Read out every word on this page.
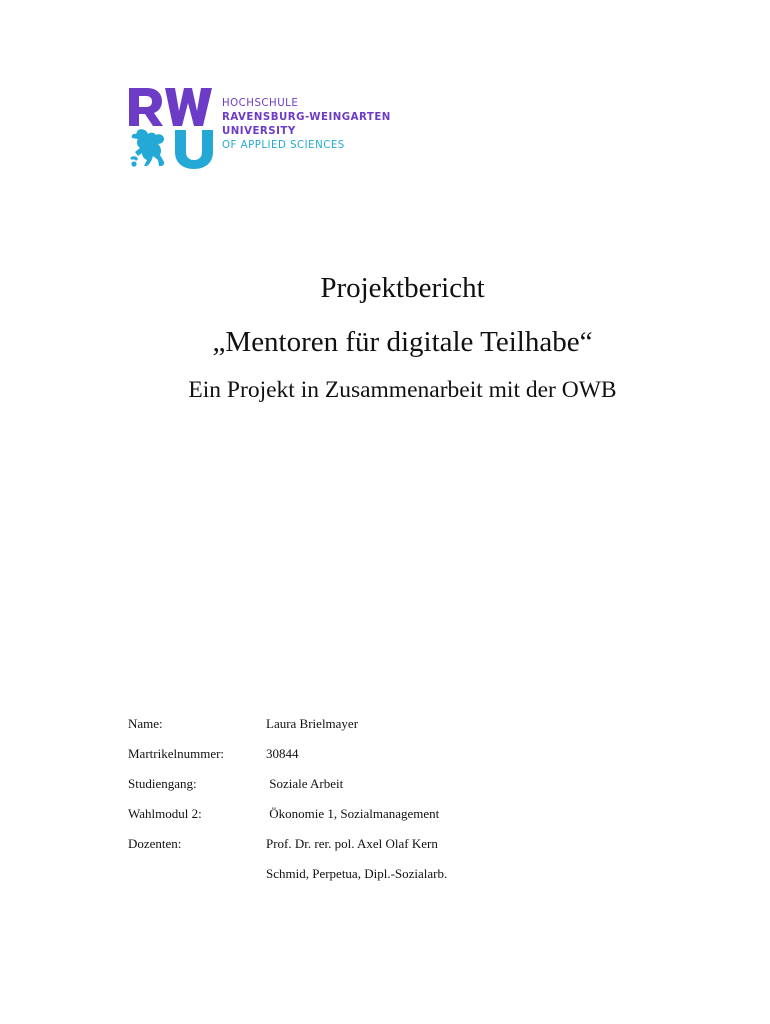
HOCHSCHULE
RAVENSBURG-WEINGARTEN
UNIVERSITY
OF APPLIED SCIENCES
Projektbericht
„Mentoren für digitale Teilhabe“
Ein Projekt in Zusammenarbeit mit der OWB
Name:	Laura Brielmayer
Martrikelnummer:	30844
Studiengang:	Soziale Arbeit
Wahlmodul 2:	Ökonomie 1, Sozialmanagement
Dozenten:	Prof. Dr. rer. pol. Axel Olaf Kern
Schmid, Perpetua, Dipl.-Sozialarb.
